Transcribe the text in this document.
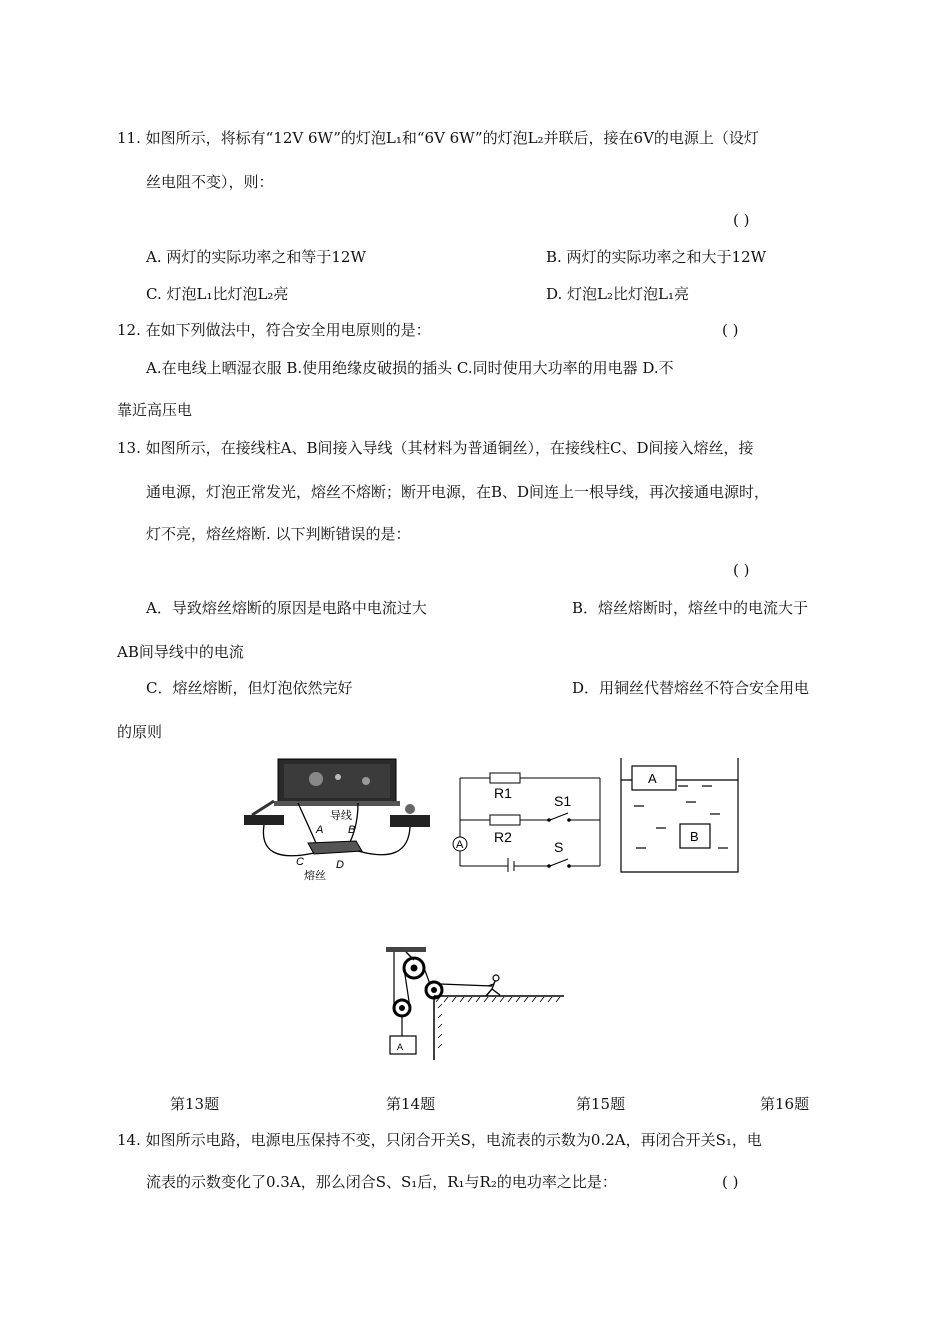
11. 如图所示，将标有“12V 6W”的灯泡L₁和“6V 6W”的灯泡L₂并联后，接在6V的电源上（设灯
丝电阻不变），则：
( )
A. 两灯的实际功率之和等于12W	B. 两灯的实际功率之和大于12W
C. 灯泡L₁比灯泡L₂亮	D. 灯泡L₂比灯泡L₁亮
12. 在如下列做法中，符合安全用电原则的是：	( )
A.在电线上晒湿衣服 B.使用绝缘皮破损的插头 C.同时使用大功率的用电器 D.不
靠近高压电
13. 如图所示，在接线柱A、B间接入导线（其材料为普通铜丝），在接线柱C、D间接入熔丝，接
通电源，灯泡正常发光，熔丝不熔断；断开电源，在B、D间连上一根导线，再次接通电源时，
灯不亮，熔丝熔断. 以下判断错误的是：
( )
A．导致熔丝熔断的原因是电路中电流过大	B．熔丝熔断时，熔丝中的电流大于
AB间导线中的电流
C．熔丝熔断，但灯泡依然完好	D．用铜丝代替熔丝不符合安全用电
的原则
导线
A B
C	D
熔丝
A
R1
R2
S1
S
A
B
A
第13题	第14题	第15题	第16题
14. 如图所示电路，电源电压保持不变，只闭合开关S，电流表的示数为0.2A，再闭合开关S₁，电
流表的示数变化了0.3A，那么闭合S、S₁后，R₁与R₂的电功率之比是：	( )
